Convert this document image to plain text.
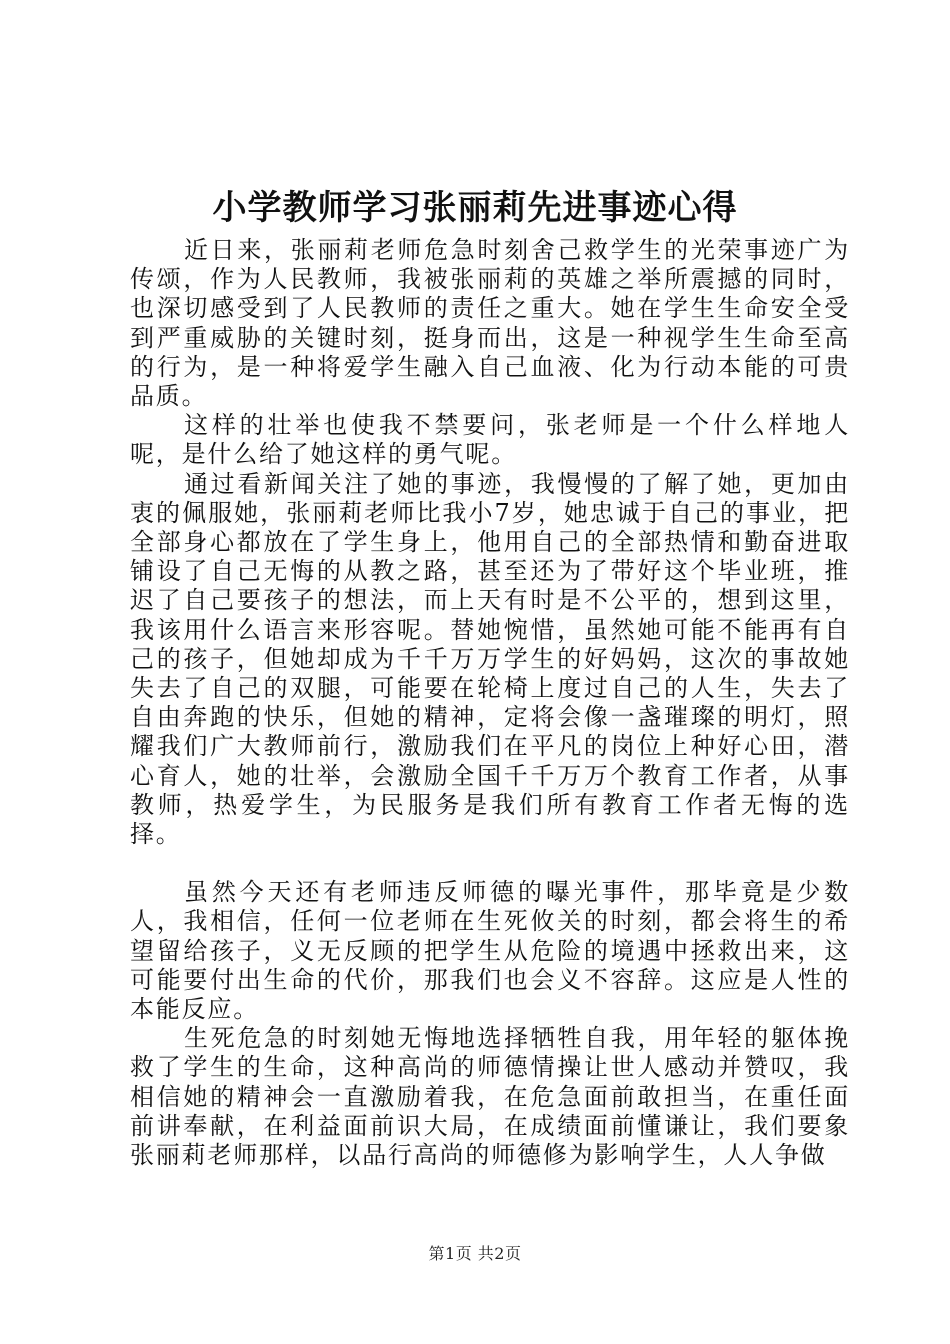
小学教师学习张丽莉先进事迹心得

近日来，张丽莉老师危急时刻舍己救学生的光荣事迹广为传颂，作为人民教师，我被张丽莉的英雄之举所震撼的同时，也深切感受到了人民教师的责任之重大。她在学生生命安全受到严重威胁的关键时刻，挺身而出，这是一种视学生生命至高的行为，是一种将爱学生融入自己血液、化为行动本能的可贵品质。

这样的壮举也使我不禁要问，张老师是一个什么样地人呢，是什么给了她这样的勇气呢。

通过看新闻关注了她的事迹，我慢慢的了解了她，更加由衷的佩服她，张丽莉老师比我小7岁，她忠诚于自己的事业，把全部身心都放在了学生身上，他用自己的全部热情和勤奋进取铺设了自己无悔的从教之路，甚至还为了带好这个毕业班，推迟了自己要孩子的想法，而上天有时是不公平的，想到这里，我该用什么语言来形容呢。替她惋惜，虽然她可能不能再有自己的孩子，但她却成为千千万万学生的好妈妈，这次的事故她失去了自己的双腿，可能要在轮椅上度过自己的人生，失去了自由奔跑的快乐，但她的精神，定将会像一盏璀璨的明灯，照耀我们广大教师前行，激励我们在平凡的岗位上种好心田，潜心育人，她的壮举，会激励全国千千万万个教育工作者，从事教师，热爱学生，为民服务是我们所有教育工作者无悔的选择。

虽然今天还有老师违反师德的曝光事件，那毕竟是少数人，我相信，任何一位老师在生死攸关的时刻，都会将生的希望留给孩子，义无反顾的把学生从危险的境遇中拯救出来，这可能要付出生命的代价，那我们也会义不容辞。这应是人性的本能反应。

生死危急的时刻她无悔地选择牺牲自我，用年轻的躯体挽救了学生的生命，这种高尚的师德情操让世人感动并赞叹，我相信她的精神会一直激励着我，在危急面前敢担当，在重任面前讲奉献，在利益面前识大局，在成绩面前懂谦让，我们要象张丽莉老师那样，以品行高尚的师德修为影响学生，人人争做

第1页 共2页
